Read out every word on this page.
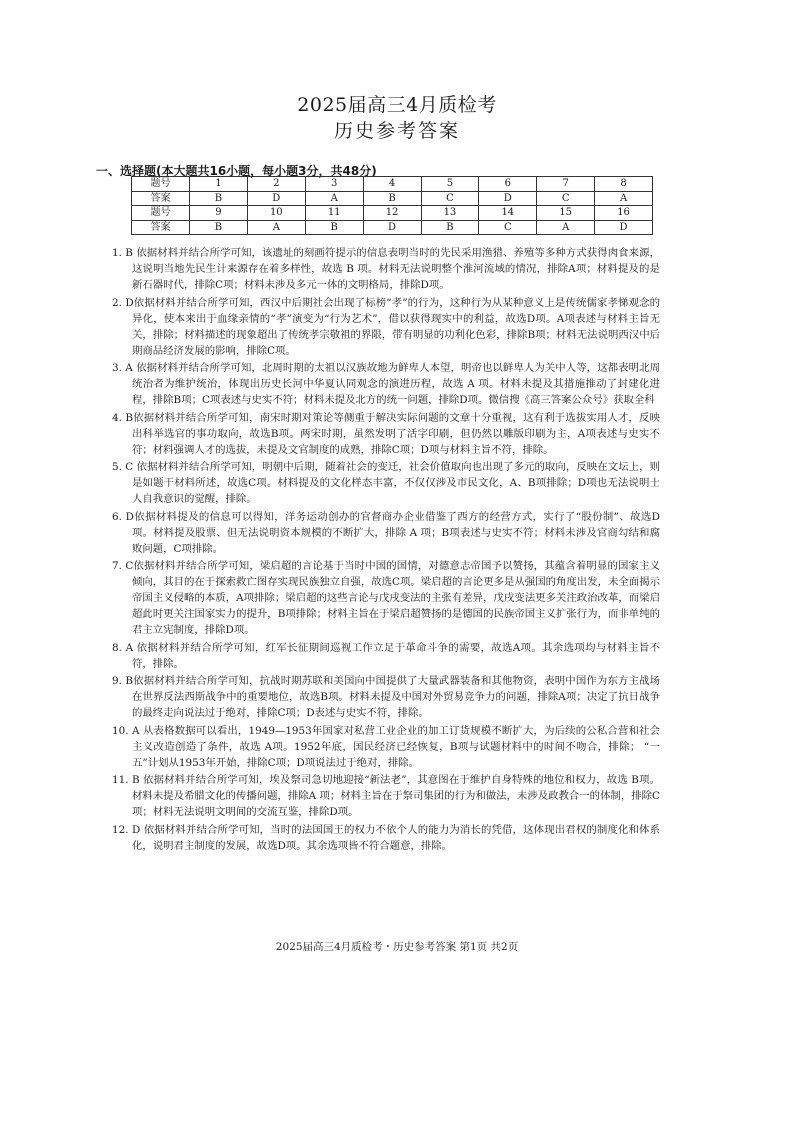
2025届高三4月质检考
历史参考答案
一、选择题(本大题共16小题，每小题3分，共48分)
题号	1	2	3	4	5	6	7	8
答案	B	D	A	B	C	D	C	A
题号	9	10	11	12	13	14	15	16
答案	B	A	B	D	B	C	A	D
1. B 依据材料并结合所学可知，该遗址的刻画符提示的信息表明当时的先民采用渔猎、养殖等多种方式获得肉食来源，这说明当地先民生计来源存在着多样性，故选 B 项。材料无法说明整个淮河流域的情况，排除A项；材料提及的是新石器时代，排除C项；材料未涉及多元一体的文明格局，排除D项。
2. D依据材料并结合所学可知，西汉中后期社会出现了标榜“孝”的行为，这种行为从某种意义上是传统儒家孝悌观念的异化，使本来出于血缘亲情的“孝”演变为“行为艺术”，借以获得现实中的利益，故选D项。A项表述与材料主旨无关，排除；材料描述的现象超出了传统孝宗敬祖的界限，带有明显的功利化色彩，排除B项；材料无法说明西汉中后期商品经济发展的影响，排除C项。
3. A 依据材料并结合所学可知，北周时期的太祖以汉族故地为鲜卑人本望，明帝也以鲜卑人为关中人等，这都表明北周统治者为维护统治，体现出历史长河中华夏认同观念的演进历程，故选 A 项。材料未提及其措施推动了封建化进程，排除B项；C项表述与史实不符；材料未提及北方的统一问题，排除D项。微信搜《高三答案公众号》获取全科
4. B依据材料并结合所学可知，南宋时期对策论等侧重于解决实际问题的文章十分重视，这有利于选拔实用人才，反映出科举选官的事功取向，故选B项。两宋时期，虽然发明了活字印刷，但仍然以雕版印刷为主，A项表述与史实不符；材料强调人才的选拔，未提及文官制度的成熟，排除C项；D项与材料主旨不符，排除。
5. C 依据材料并结合所学可知，明朝中后期，随着社会的变迁，社会价值取向也出现了多元的取向，反映在文坛上，则是如题干材料所述，故选C项。材料提及的文化样态丰富，不仅仅涉及市民文化，A、B项排除；D项也无法说明士人自我意识的觉醒，排除。
6. D依据材料提及的信息可以得知，洋务运动创办的官督商办企业借鉴了西方的经营方式，实行了“股份制”、故选D项。材料提及股票、但无法说明资本规模的不断扩大，排除 A 项；B项表述与史实不符；材料未涉及官商勾结和腐败问题，C项排除。
7. C依据材料并结合所学可知，梁启超的言论基于当时中国的国情，对德意志帝国予以赞扬，其蕴含着明显的国家主义倾向，其目的在于探索救亡图存实现民族独立自强，故选C项。梁启超的言论更多是从强国的角度出发，未全面揭示帝国主义侵略的本质，A项排除；梁启超的这些言论与戊戌变法的主张有差异，戊戌变法更多关注政治改革，而梁启超此时更关注国家实力的提升，B项排除；材料主旨在于梁启超赞扬的是德国的民族帝国主义扩张行为，而非单纯的君主立宪制度，排除D项。
8. A 依据材料并结合所学可知，红军长征期间巡视工作立足于革命斗争的需要，故选A项。其余选项均与材料主旨不符，排除。
9. B依据材料并结合所学可知，抗战时期苏联和美国向中国提供了大量武器装备和其他物资，表明中国作为东方主战场在世界反法西斯战争中的重要地位，故选B项。材料未提及中国对外贸易竞争力的问题，排除A项；决定了抗日战争的最终走向说法过于绝对，排除C项；D表述与史实不符，排除。
10. A 从表格数据可以看出，1949—1953年国家对私营工业企业的加工订货规模不断扩大，为后续的公私合营和社会主义改造创造了条件，故选 A项。1952年底，国民经济已经恢复，B项与试题材料中的时间不吻合，排除； “一五”计划从1953年开始，排除C项；D项说法过于绝对，排除。
11. B 依据材料并结合所学可知，埃及祭司急切地迎接“新法老”，其意图在于维护自身特殊的地位和权力，故选 B项。材料未提及希腊文化的传播问题，排除A 项；材料主旨在于祭司集团的行为和做法，未涉及政教合一的体制，排除C项；材料无法说明文明间的交流互鉴，排除D项。
12. D 依据材料并结合所学可知，当时的法国国王的权力不依个人的能力为消长的凭借，这体现出君权的制度化和体系化，说明君主制度的发展，故选D项。其余选项皆不符合题意，排除。
2025届高三4月质检考・历史参考答案 第1页 共2页
